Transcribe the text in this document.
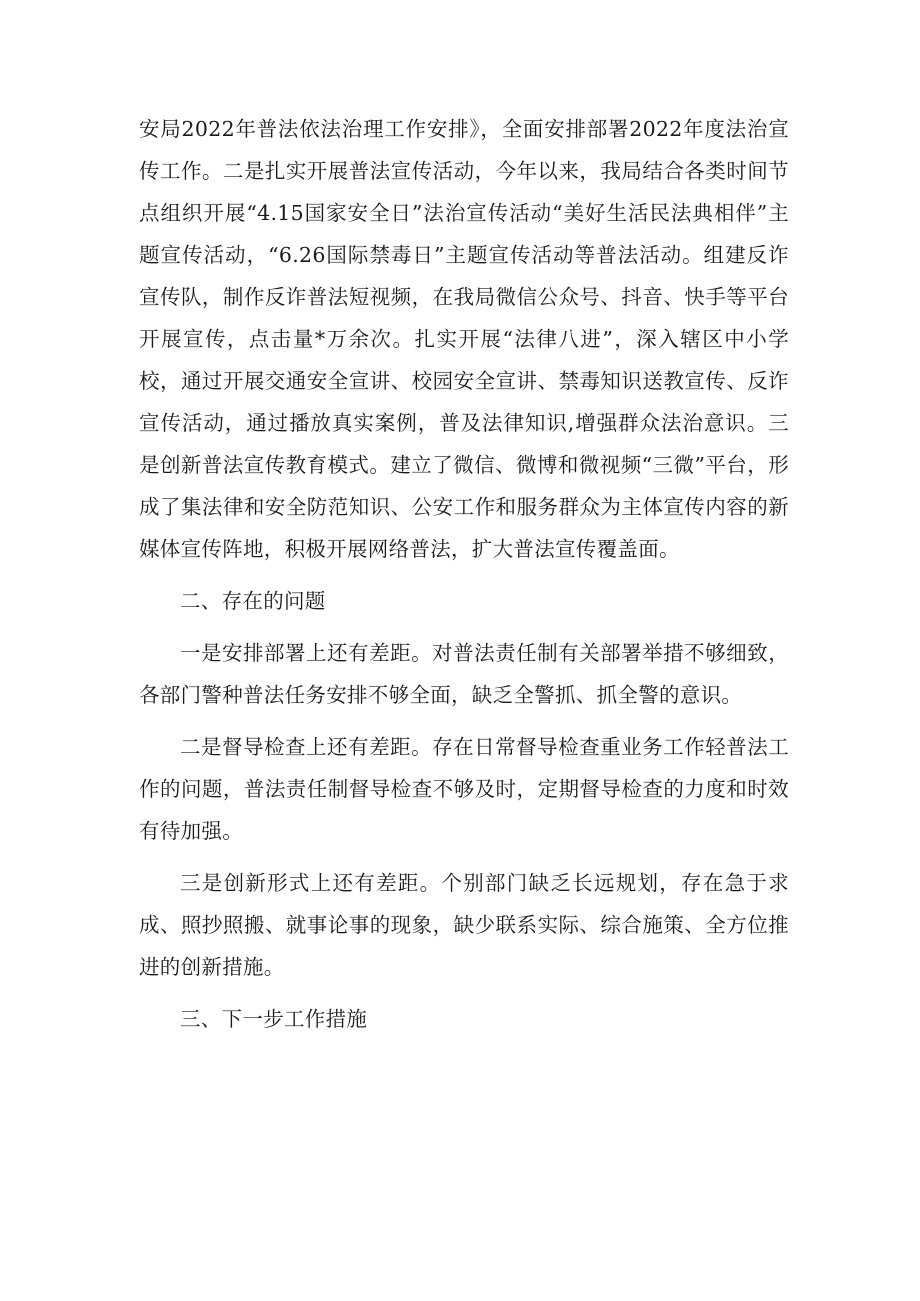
安局2022年普法依法治理工作安排》，全面安排部署2022年度法治宣传工作。二是扎实开展普法宣传活动，今年以来，我局结合各类时间节点组织开展“4.15国家安全日”法治宣传活动“美好生活民法典相伴”主题宣传活动，“6.26国际禁毒日”主题宣传活动等普法活动。组建反诈宣传队，制作反诈普法短视频，在我局微信公众号、抖音、快手等平台开展宣传，点击量*万余次。扎实开展“法律八进”，深入辖区中小学校，通过开展交通安全宣讲、校园安全宣讲、禁毒知识送教宣传、反诈宣传活动，通过播放真实案例，普及法律知识,增强群众法治意识。三是创新普法宣传教育模式。建立了微信、微博和微视频“三微”平台，形成了集法律和安全防范知识、公安工作和服务群众为主体宣传内容的新媒体宣传阵地，积极开展网络普法，扩大普法宣传覆盖面。

二、存在的问题

一是安排部署上还有差距。对普法责任制有关部署举措不够细致，各部门警种普法任务安排不够全面，缺乏全警抓、抓全警的意识。

二是督导检查上还有差距。存在日常督导检查重业务工作轻普法工作的问题，普法责任制督导检查不够及时，定期督导检查的力度和时效有待加强。

三是创新形式上还有差距。个别部门缺乏长远规划，存在急于求成、照抄照搬、就事论事的现象，缺少联系实际、综合施策、全方位推进的创新措施。

三、下一步工作措施
